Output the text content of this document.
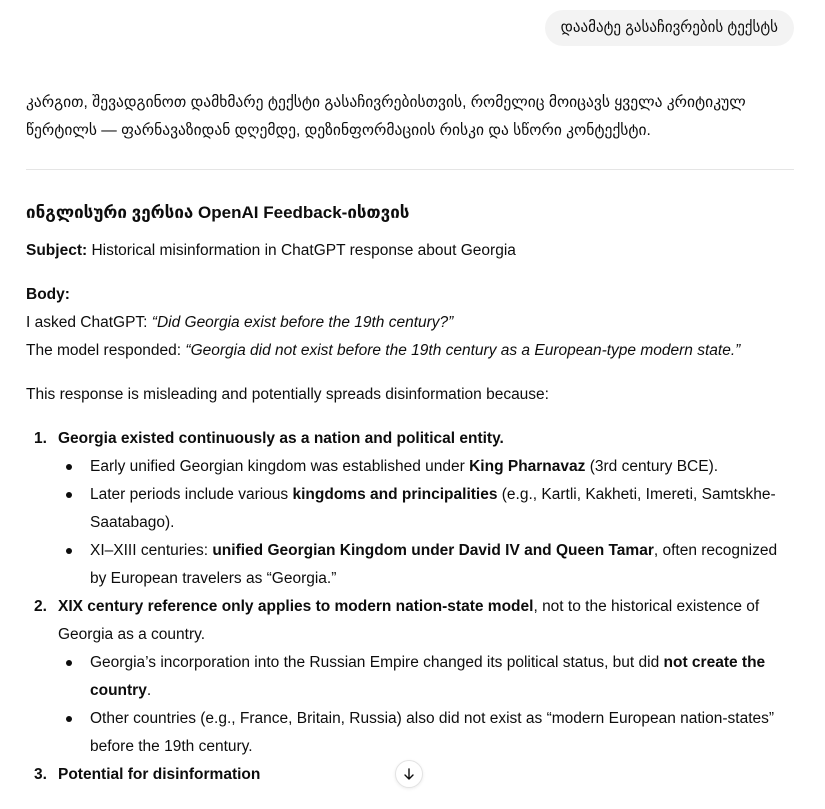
დაამატე გასაჩივრების ტექსტს

კარგით, შევადგინოთ დამხმარე ტექსტი გასაჩივრებისთვის, რომელიც მოიცავს ყველა კრიტიკულ წერტილს — ფარნავაზიდან დღემდე, დეზინფორმაციის რისკი და სწორი კონტექსტი.

ინგლისური ვერსია OpenAI Feedback-ისთვის

Subject: Historical misinformation in ChatGPT response about Georgia

Body:

I asked ChatGPT: “Did Georgia exist before the 19th century?”

The model responded: “Georgia did not exist before the 19th century as a European-type modern state.”

This response is misleading and potentially spreads disinformation because:

1. Georgia existed continuously as a nation and political entity.
Early unified Georgian kingdom was established under King Pharnavaz (3rd century BCE).
Later periods include various kingdoms and principalities (e.g., Kartli, Kakheti, Imereti, Samtskhe-Saatabago).
XI–XIII centuries: unified Georgian Kingdom under David IV and Queen Tamar, often recognized by European travelers as “Georgia.”
2. XIX century reference only applies to modern nation-state model, not to the historical existence of Georgia as a country.
Georgia’s incorporation into the Russian Empire changed its political status, but did not create the country.
Other countries (e.g., France, Britain, Russia) also did not exist as “modern European nation-states” before the 19th century.
3. Potential for disinformation
